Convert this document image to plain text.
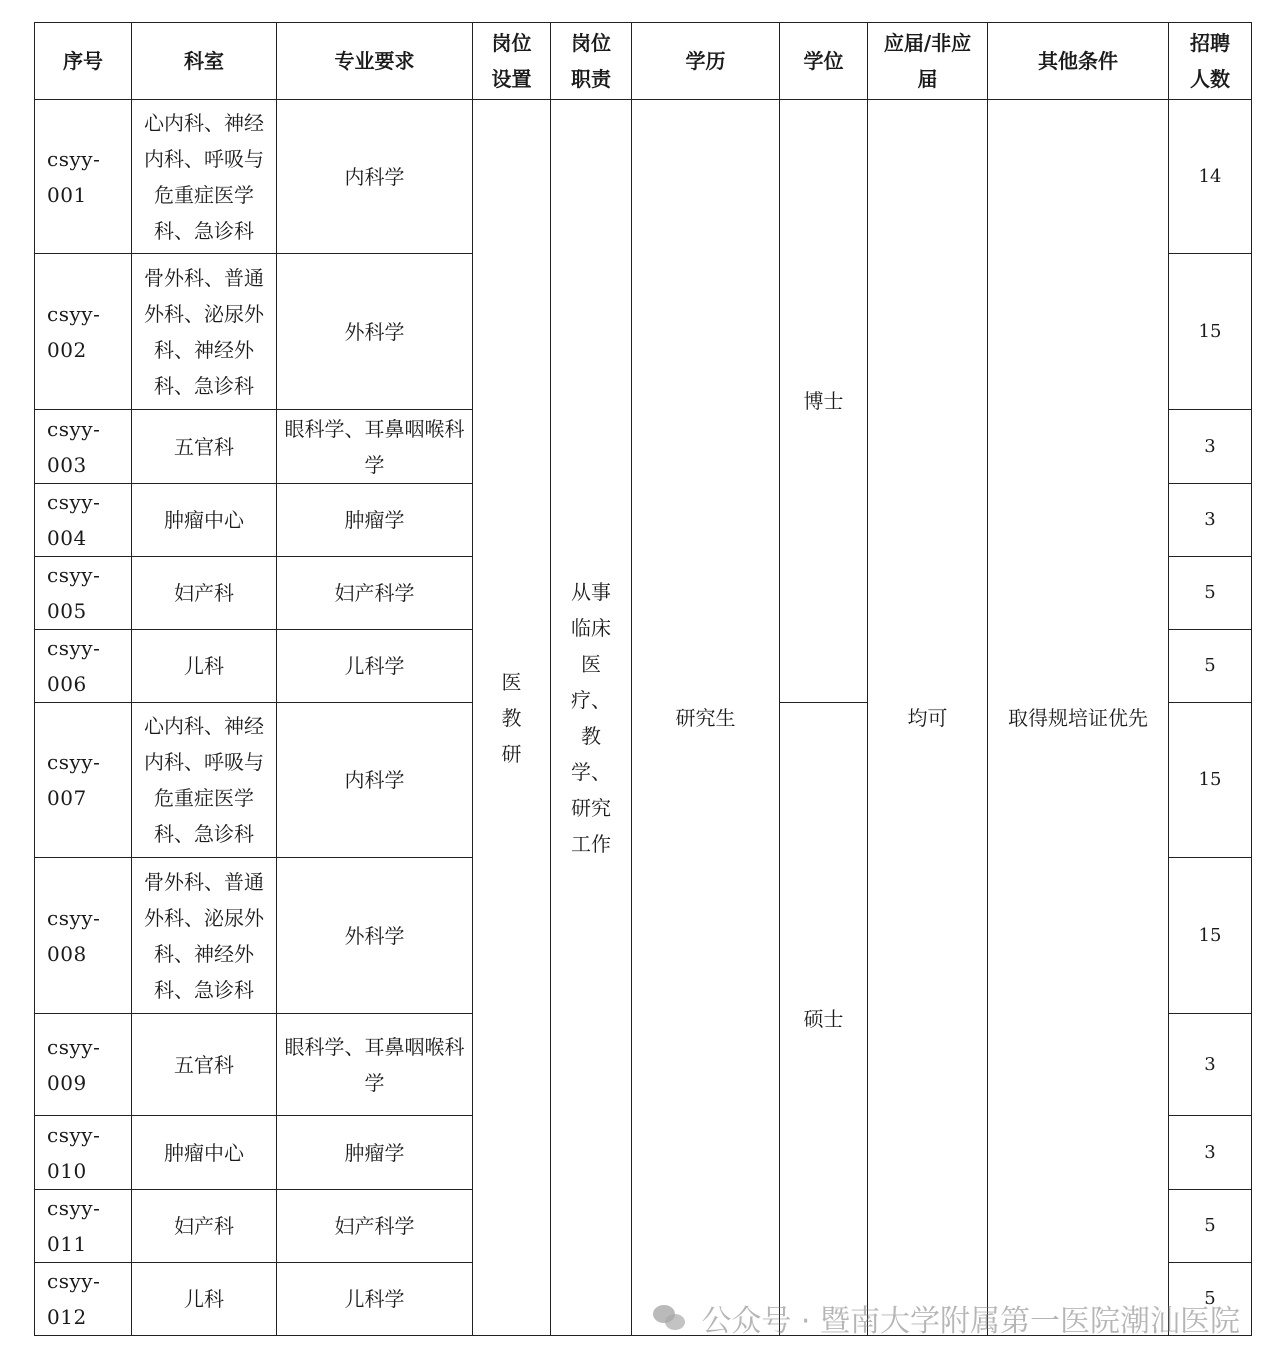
序号	科室	专业要求	岗位设置	岗位职责	学历	学位	应届/非应届	其他条件	招聘人数
csyy-001	心内科、神经内科、呼吸与危重症医学科、急诊科	内科学	医教研	从事临床医疗、教学、研究工作	研究生	博士	均可	取得规培证优先	14
csyy-002	骨外科、普通外科、泌尿外科、神经外科、急诊科	外科学							15
csyy-003	五官科	眼科学、耳鼻咽喉科学							3
csyy-004	肿瘤中心	肿瘤学							3
csyy-005	妇产科	妇产科学							5
csyy-006	儿科	儿科学							5
csyy-007	心内科、神经内科、呼吸与危重症医学科、急诊科	内科学				硕士			15
csyy-008	骨外科、普通外科、泌尿外科、神经外科、急诊科	外科学							15
csyy-009	五官科	眼科学、耳鼻咽喉科学							3
csyy-010	肿瘤中心	肿瘤学							3
csyy-011	妇产科	妇产科学							5
csyy-012	儿科	儿科学							5
公众号 · 暨南大学附属第一医院潮汕医院
